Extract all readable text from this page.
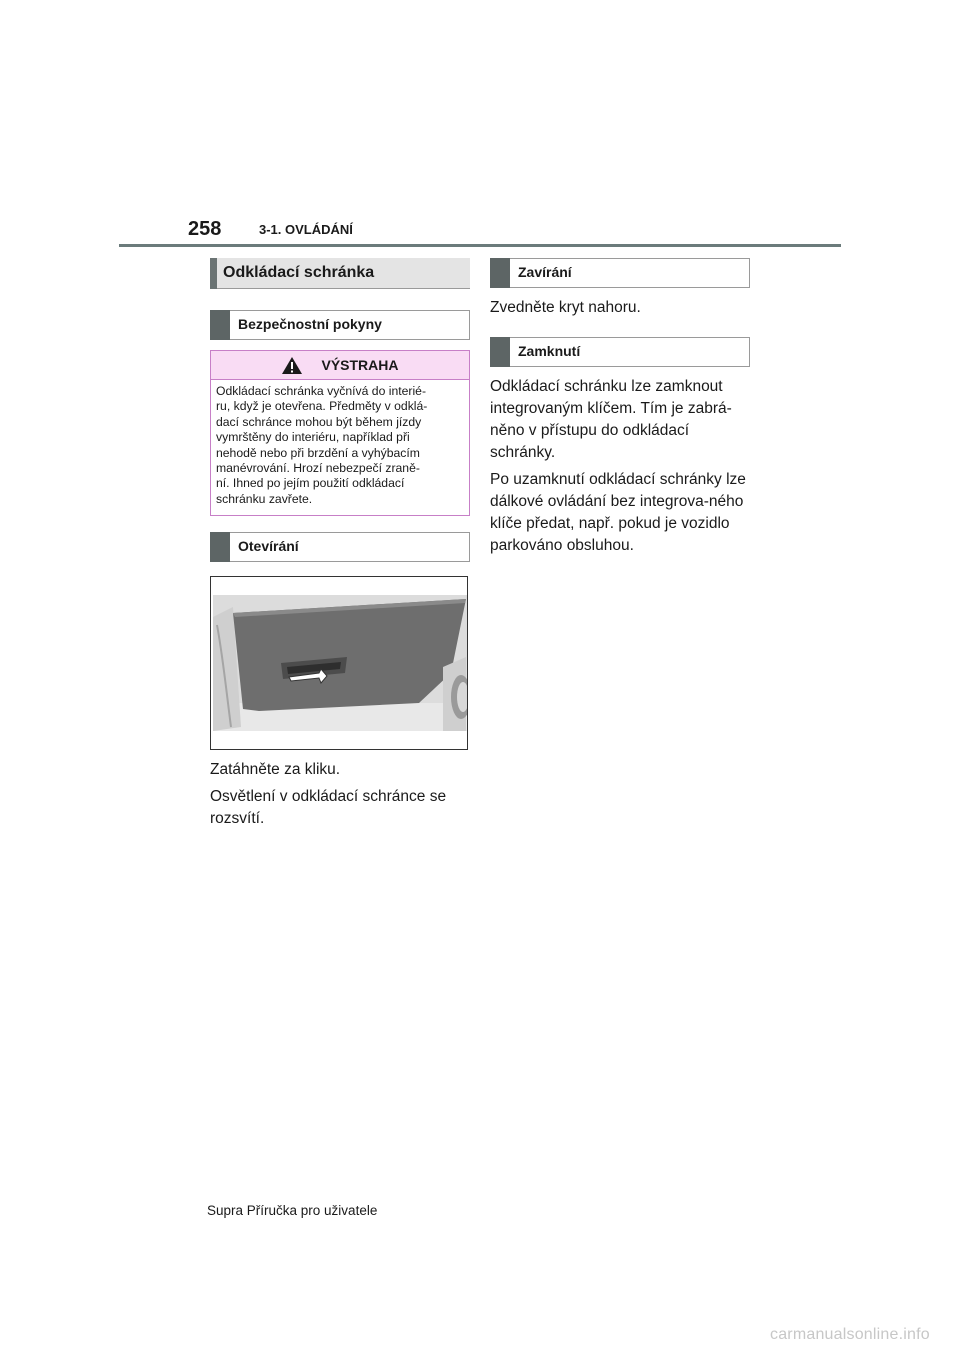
258	3-1. OVLÁDÁNÍ
Odkládací schránka
Bezpečnostní pokyny
VÝSTRAHA
Odkládací schránka vyčnívá do interié-
ru, když je otevřena. Předměty v odklá-
dací schránce mohou být během jízdy
vymrštěny do interiéru, například při
nehodě nebo při brzdění a vyhýbacím
manévrování. Hrozí nebezpečí zraně-
ní. Ihned po jejím použití odkládací
schránku zavřete.
Otevírání
Zatáhněte za kliku.
Osvětlení v odkládací schránce se rozsvítí.
Zavírání
Zvedněte kryt nahoru.
Zamknutí
Odkládací schránku lze zamknout integrovaným klíčem. Tím je zabrá-něno v přístupu do odkládací schránky.
Po uzamknutí odkládací schránky lze dálkové ovládání bez integrova-ného klíče předat, např. pokud je vozidlo parkováno obsluhou.
Supra Příručka pro uživatele
carmanualsonline.info
